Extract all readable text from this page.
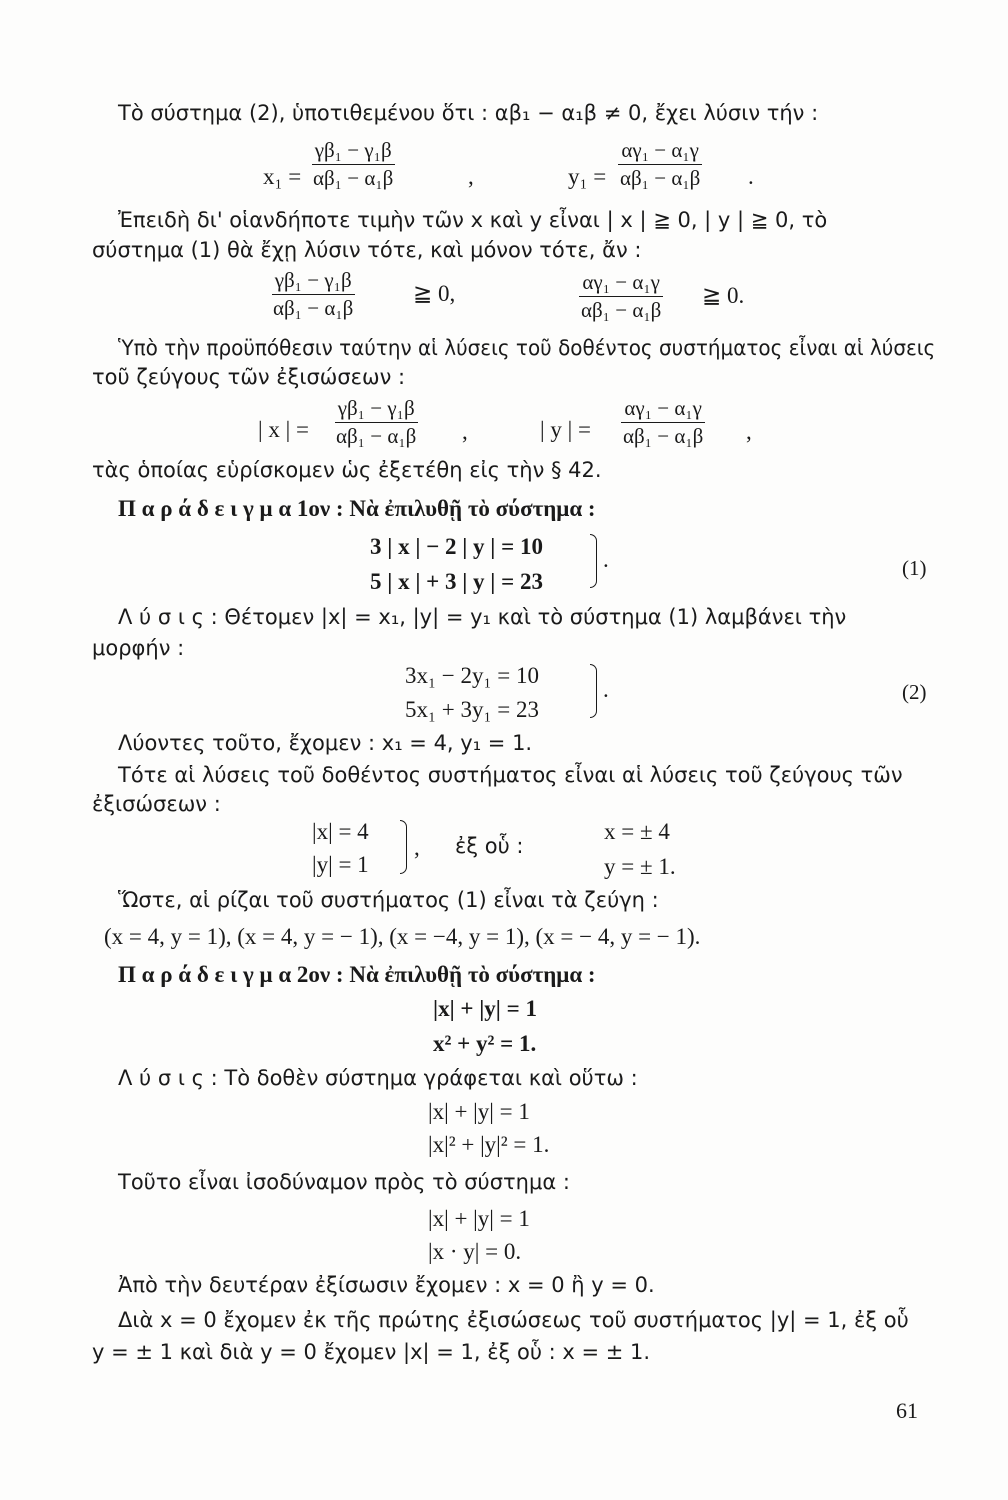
Τὸ σύστημα (2), ὑποτιθεμένου ὅτι : αβ₁ − α₁β ≠ 0, ἔχει λύσιν τήν :
$x_1 = \frac{\text{γβ₁ − γ₁β}}{\text{αβ₁ − α₁β}}$	,	$y_1 = \frac{\text{αγ₁ − α₁γ}}{\text{αβ₁ − α₁β}}$ .
Ἐπειδὴ δι' οἱανδήποτε τιμὴν τῶν x καὶ y εἶναι | x | ≧ 0, | y | ≧ 0, τὸ
σύστημα (1) θὰ ἔχῃ λύσιν τότε, καὶ μόνον τότε, ἄν :
$\frac{\text{γβ₁ − γ₁β}}{\text{αβ₁ − α₁β}}$ ≧ 0,	$\frac{\text{αγ₁ − α₁γ}}{\text{αβ₁ − α₁β}}$ ≧ 0.
Ὑπὸ τὴν προϋπόθεσιν ταύτην αἱ λύσεις τοῦ δοθέντος συστήματος εἶναι αἱ λύσεις
τοῦ ζεύγους τῶν ἐξισώσεων :
| x | = $\frac{\text{γβ₁ − γ₁β}}{\text{αβ₁ − α₁β}}$ ,	| y | = $\frac{\text{αγ₁ − α₁γ}}{\text{αβ₁ − α₁β}}$ ,
τὰς ὁποίας εὑρίσκομεν ὡς ἐξετέθη εἰς τὴν § 42.
Π α ρ ά δ ε ι γ μ α 1ον : Νὰ ἐπιλυθῇ τὸ σύστημα :
3 | x | − 2 | y | = 10
5 | x | + 3 | y | = 23
.	(1)
Λ ύ σ ι ς : Θέτομεν |x| = x₁, |y| = y₁ καὶ τὸ σύστημα (1) λαμβάνει τὴν
μορφήν :
3x₁ − 2y₁ = 10
5x₁ + 3y₁ = 23
.	(2)
Λύοντες τοῦτο, ἔχομεν : x₁ = 4, y₁ = 1.
Τότε αἱ λύσεις τοῦ δοθέντος συστήματος εἶναι αἱ λύσεις τοῦ ζεύγους τῶν
ἐξισώσεων :
|x| = 4
|y| = 1
, ἐξ οὗ :
x = ± 4
y = ± 1.
Ὥστε, αἱ ρίζαι τοῦ συστήματος (1) εἶναι τὰ ζεύγη :
(x = 4, y = 1), (x = 4, y = − 1), (x = −4, y = 1), (x = − 4, y = − 1).
Π α ρ ά δ ε ι γ μ α 2ον : Νὰ ἐπιλυθῇ τὸ σύστημα :
|x| + |y| = 1
x² + y² = 1.
Λ ύ σ ι ς : Τὸ δοθὲν σύστημα γράφεται καὶ οὕτω :
|x| + |y| = 1
|x|² + |y|² = 1.
Τοῦτο εἶναι ἰσοδύναμον πρὸς τὸ σύστημα :
|x| + |y| = 1
|x · y| = 0.
Ἀπὸ τὴν δευτέραν ἐξίσωσιν ἔχομεν : x = 0 ἢ y = 0.
Διὰ x = 0 ἔχομεν ἐκ τῆς πρώτης ἐξισώσεως τοῦ συστήματος |y| = 1, ἐξ οὗ
y = ± 1 καὶ διὰ y = 0 ἔχομεν |x| = 1, ἐξ οὗ : x = ± 1.
61
